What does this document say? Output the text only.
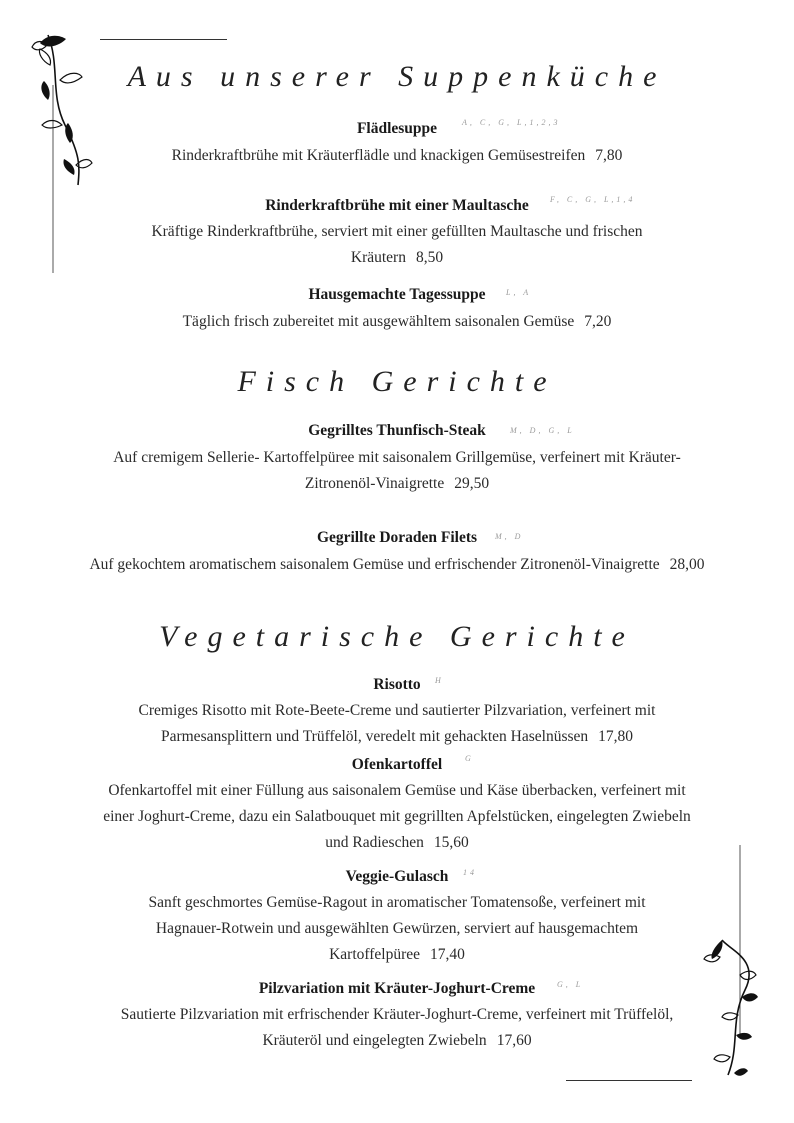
Aus unserer Suppenküche
Flädlesuppe	A, C, G, L,1,2,3
Rinderkraftbrühe mit Kräuterflädle und knackigen Gemüsestreifen 7,80
Rinderkraftbrühe mit einer Maultasche	F, C, G, L,1,4
Kräftige Rinderkraftbrühe, serviert mit einer gefüllten Maultasche und frischen
Kräutern 8,50
Hausgemachte Tagessuppe	L, A
Täglich frisch zubereitet mit ausgewähltem saisonalen Gemüse 7,20
Fisch Gerichte
Gegrilltes Thunfisch-Steak	M, D, G, L
Auf cremigem Sellerie- Kartoffelpüree mit saisonalem Grillgemüse, verfeinert mit Kräuter-
Zitronenöl-Vinaigrette 29,50
Gegrillte Doraden Filets	M, D
Auf gekochtem aromatischem saisonalem Gemüse und erfrischender Zitronenöl-Vinaigrette 28,00
Vegetarische Gerichte
Risotto	H
Cremiges Risotto mit Rote-Beete-Creme und sautierter Pilzvariation, verfeinert mit
Parmesansplittern und Trüffelöl, veredelt mit gehackten Haselnüssen 17,80
Ofenkartoffel	G
Ofenkartoffel mit einer Füllung aus saisonalem Gemüse und Käse überbacken, verfeinert mit
einer Joghurt-Creme, dazu ein Salatbouquet mit gegrillten Apfelstücken, eingelegten Zwiebeln
und Radieschen 15,60
Veggie-Gulasch	14
Sanft geschmortes Gemüse-Ragout in aromatischer Tomatensoße, verfeinert mit
Hagnauer-Rotwein und ausgewählten Gewürzen, serviert auf hausgemachtem
Kartoffelpüree 17,40
Pilzvariation mit Kräuter-Joghurt-Creme	G, L
Sautierte Pilzvariation mit erfrischender Kräuter-Joghurt-Creme, verfeinert mit Trüffelöl,
Kräuteröl und eingelegten Zwiebeln 17,60
